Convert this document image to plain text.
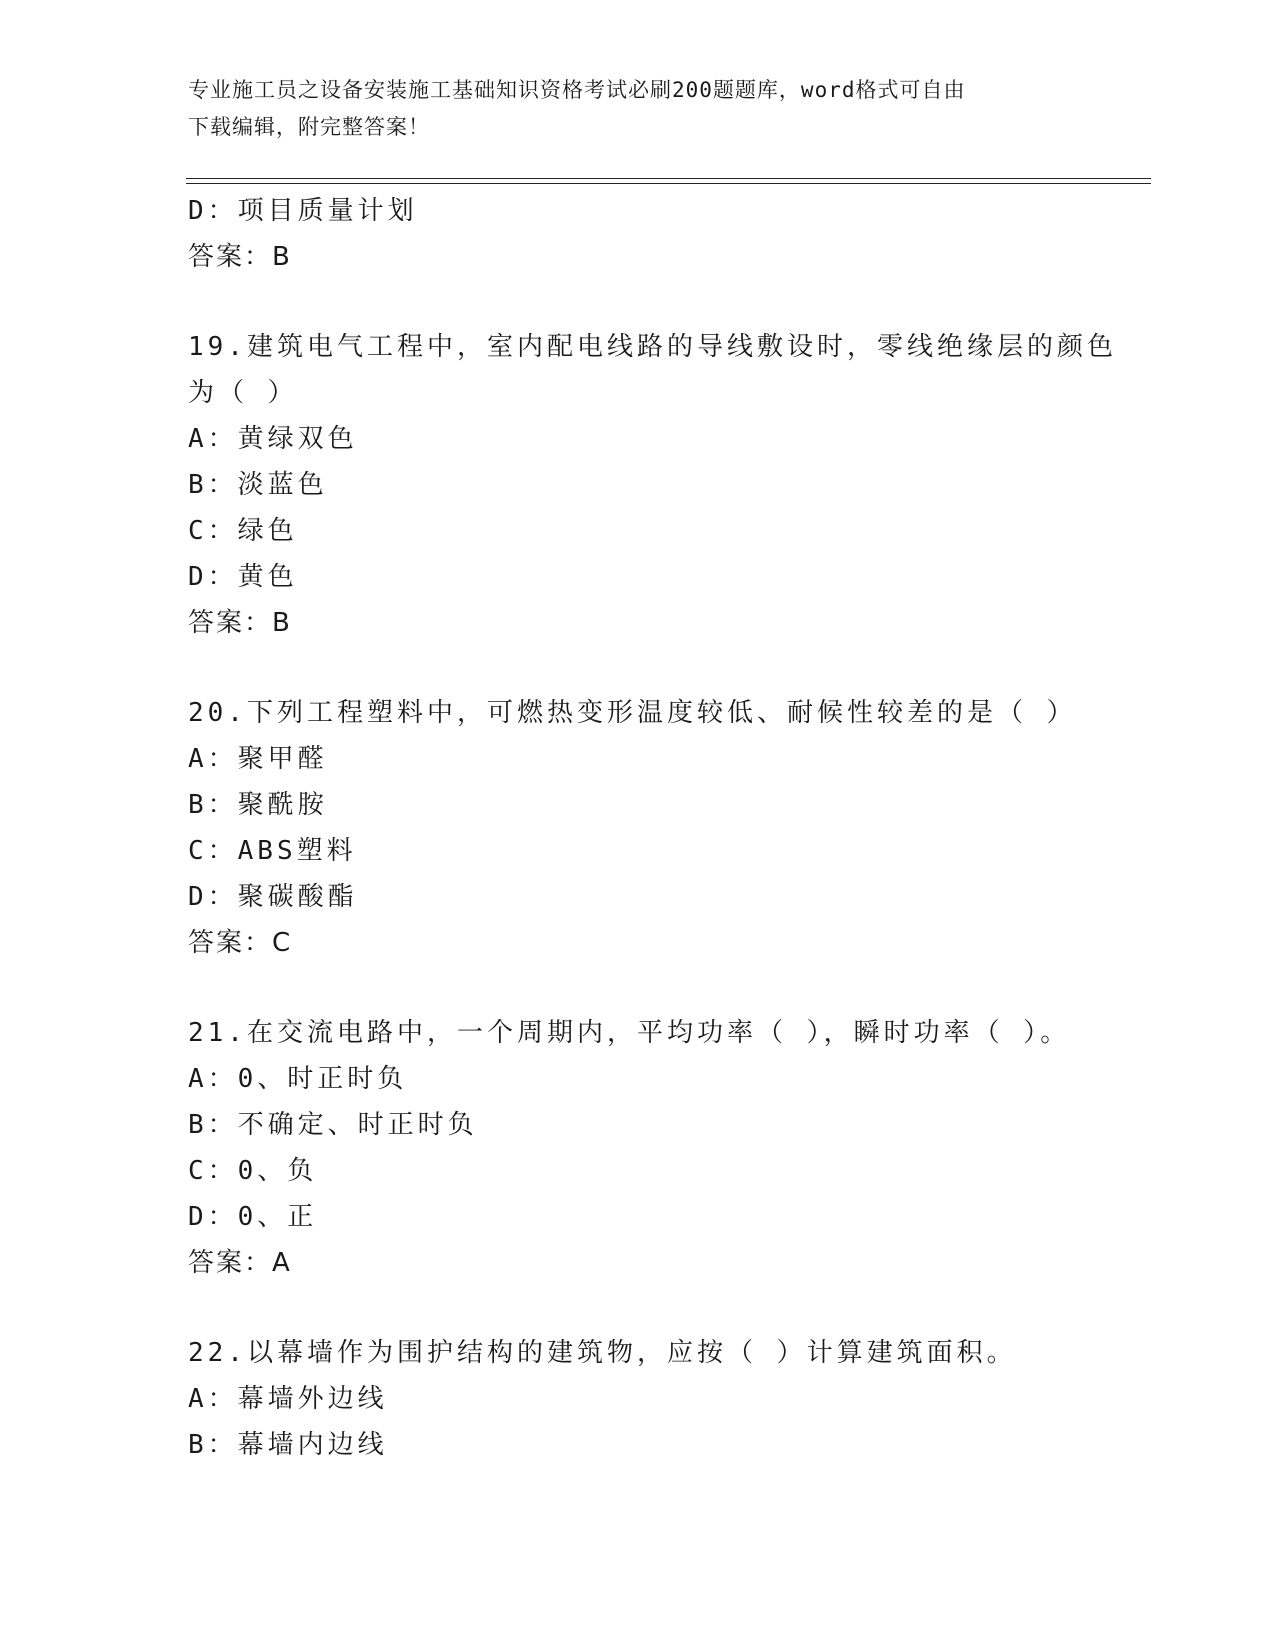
专业施工员之设备安装施工基础知识资格考试必刷200题题库，word格式可自由
下载编辑，附完整答案！
D：项目质量计划
答案：B
19.建筑电气工程中，室内配电线路的导线敷设时，零线绝缘层的颜色
为（ ）
A：黄绿双色
B：淡蓝色
C：绿色
D：黄色
答案：B
20.下列工程塑料中，可燃热变形温度较低、耐候性较差的是（ ）
A：聚甲醛
B：聚酰胺
C：ABS塑料
D：聚碳酸酯
答案：C
21.在交流电路中，一个周期内，平均功率（ ），瞬时功率（ ）。
A：0、时正时负
B：不确定、时正时负
C：0、负
D：0、正
答案：A
22.以幕墙作为围护结构的建筑物，应按（ ）计算建筑面积。
A：幕墙外边线
B：幕墙内边线
